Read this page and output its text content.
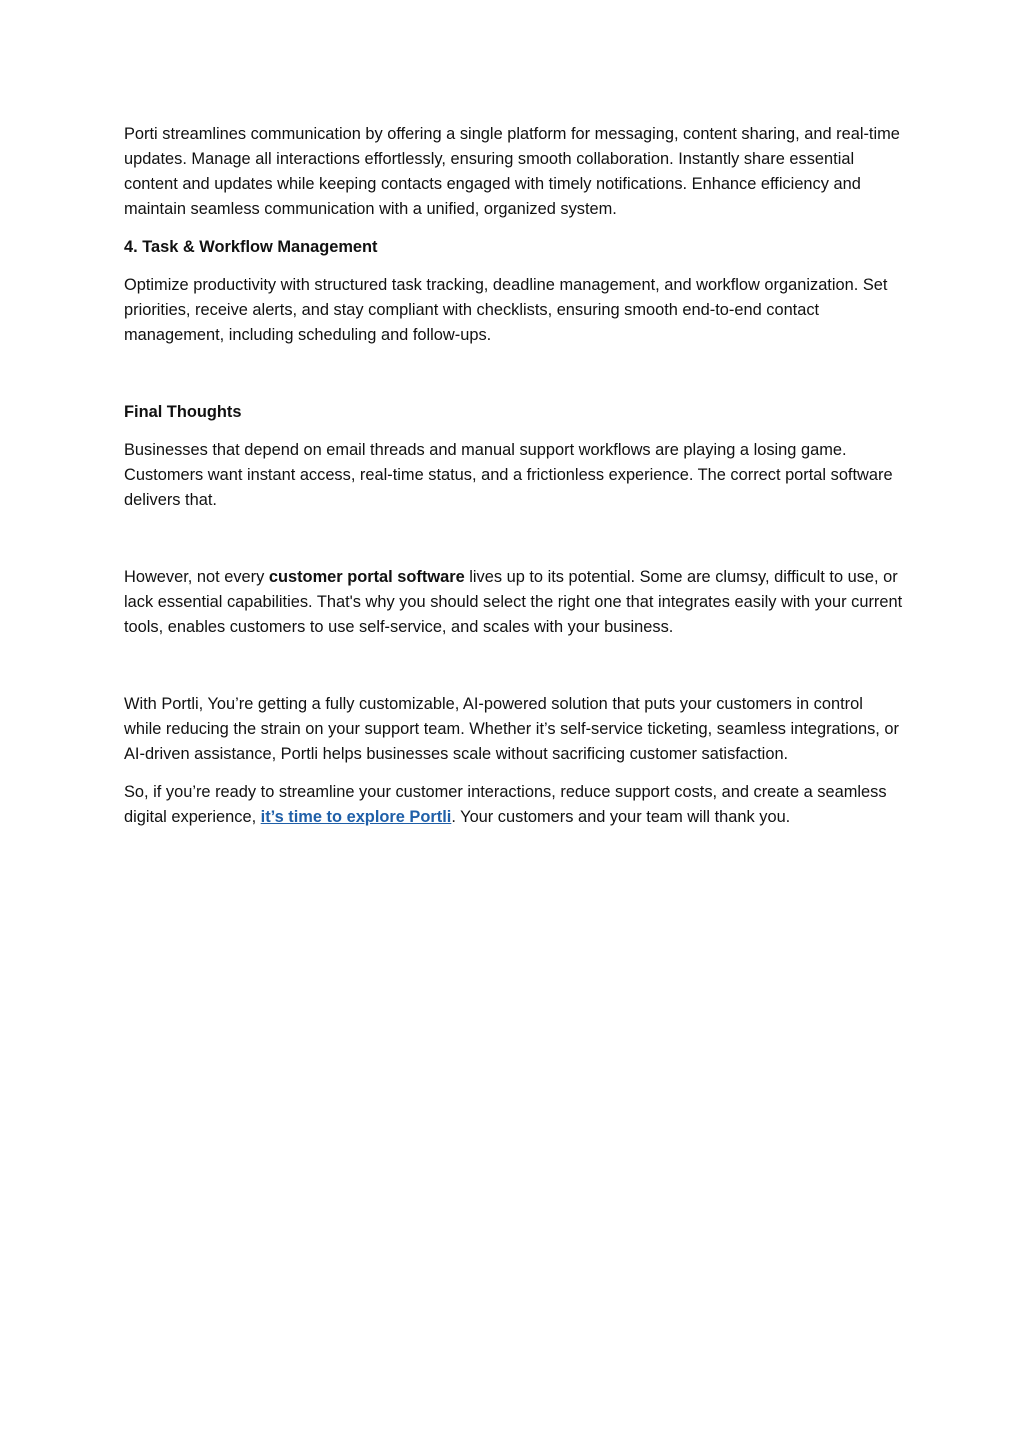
Porti streamlines communication by offering a single platform for messaging, content sharing, and real-time updates. Manage all interactions effortlessly, ensuring smooth collaboration. Instantly share essential content and updates while keeping contacts engaged with timely notifications. Enhance efficiency and maintain seamless communication with a unified, organized system.

4. Task & Workflow Management

Optimize productivity with structured task tracking, deadline management, and workflow organization. Set priorities, receive alerts, and stay compliant with checklists, ensuring smooth end-to-end contact management, including scheduling and follow-ups.

Final Thoughts

Businesses that depend on email threads and manual support workflows are playing a losing game. Customers want instant access, real-time status, and a frictionless experience. The correct portal software delivers that.

However, not every customer portal software lives up to its potential. Some are clumsy, difficult to use, or lack essential capabilities. That's why you should select the right one that integrates easily with your current tools, enables customers to use self-service, and scales with your business.

With Portli, You’re getting a fully customizable, AI-powered solution that puts your customers in control while reducing the strain on your support team. Whether it’s self-service ticketing, seamless integrations, or AI-driven assistance, Portli helps businesses scale without sacrificing customer satisfaction.

So, if you’re ready to streamline your customer interactions, reduce support costs, and create a seamless digital experience, it’s time to explore Portli. Your customers and your team will thank you.
